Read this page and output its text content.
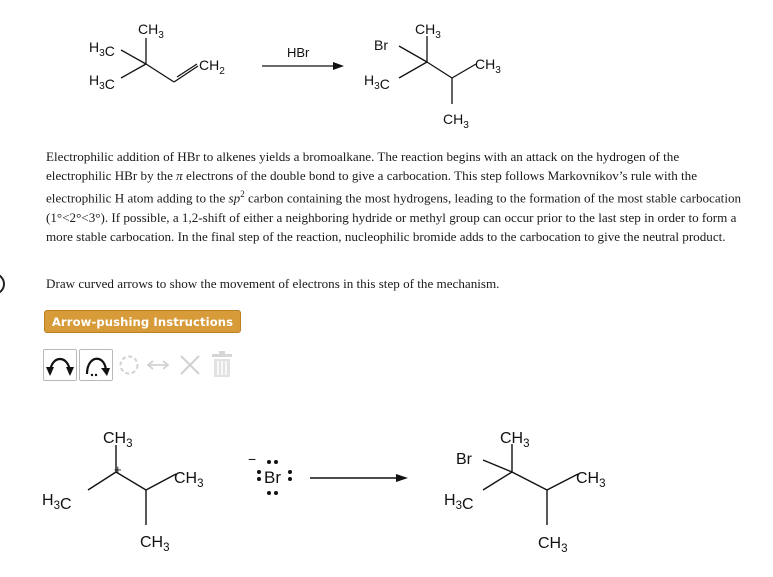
$CH_3$
$H_3C$
$H_3C$
$CH_2$
HBr
$CH_3$
Br
$H_3C$
$CH_3$
$CH_3$

Electrophilic addition of HBr to alkenes yields a bromoalkane. The reaction begins with an attack on the hydrogen of the electrophilic HBr by the π electrons of the double bond to give a carbocation. This step follows Markovnikov’s rule with the electrophilic H atom adding to the $sp^2$ carbon containing the most hydrogens, leading to the formation of the most stable carbocation (1°<2°<3°). If possible, a 1,2-shift of either a neighboring hydride or methyl group can occur prior to the last step in order to form a more stable carbocation. In the final step of the reaction, nucleophilic bromide adds to the carbocation to give the neutral product.

Draw curved arrows to show the movement of electrons in this step of the mechanism.

Arrow-pushing Instructions
$CH_3$
+
$CH_3$
$H_3C$
$CH_3$
Br
−
$CH_3$
Br
$CH_3$
$H_3C$
$CH_3$
